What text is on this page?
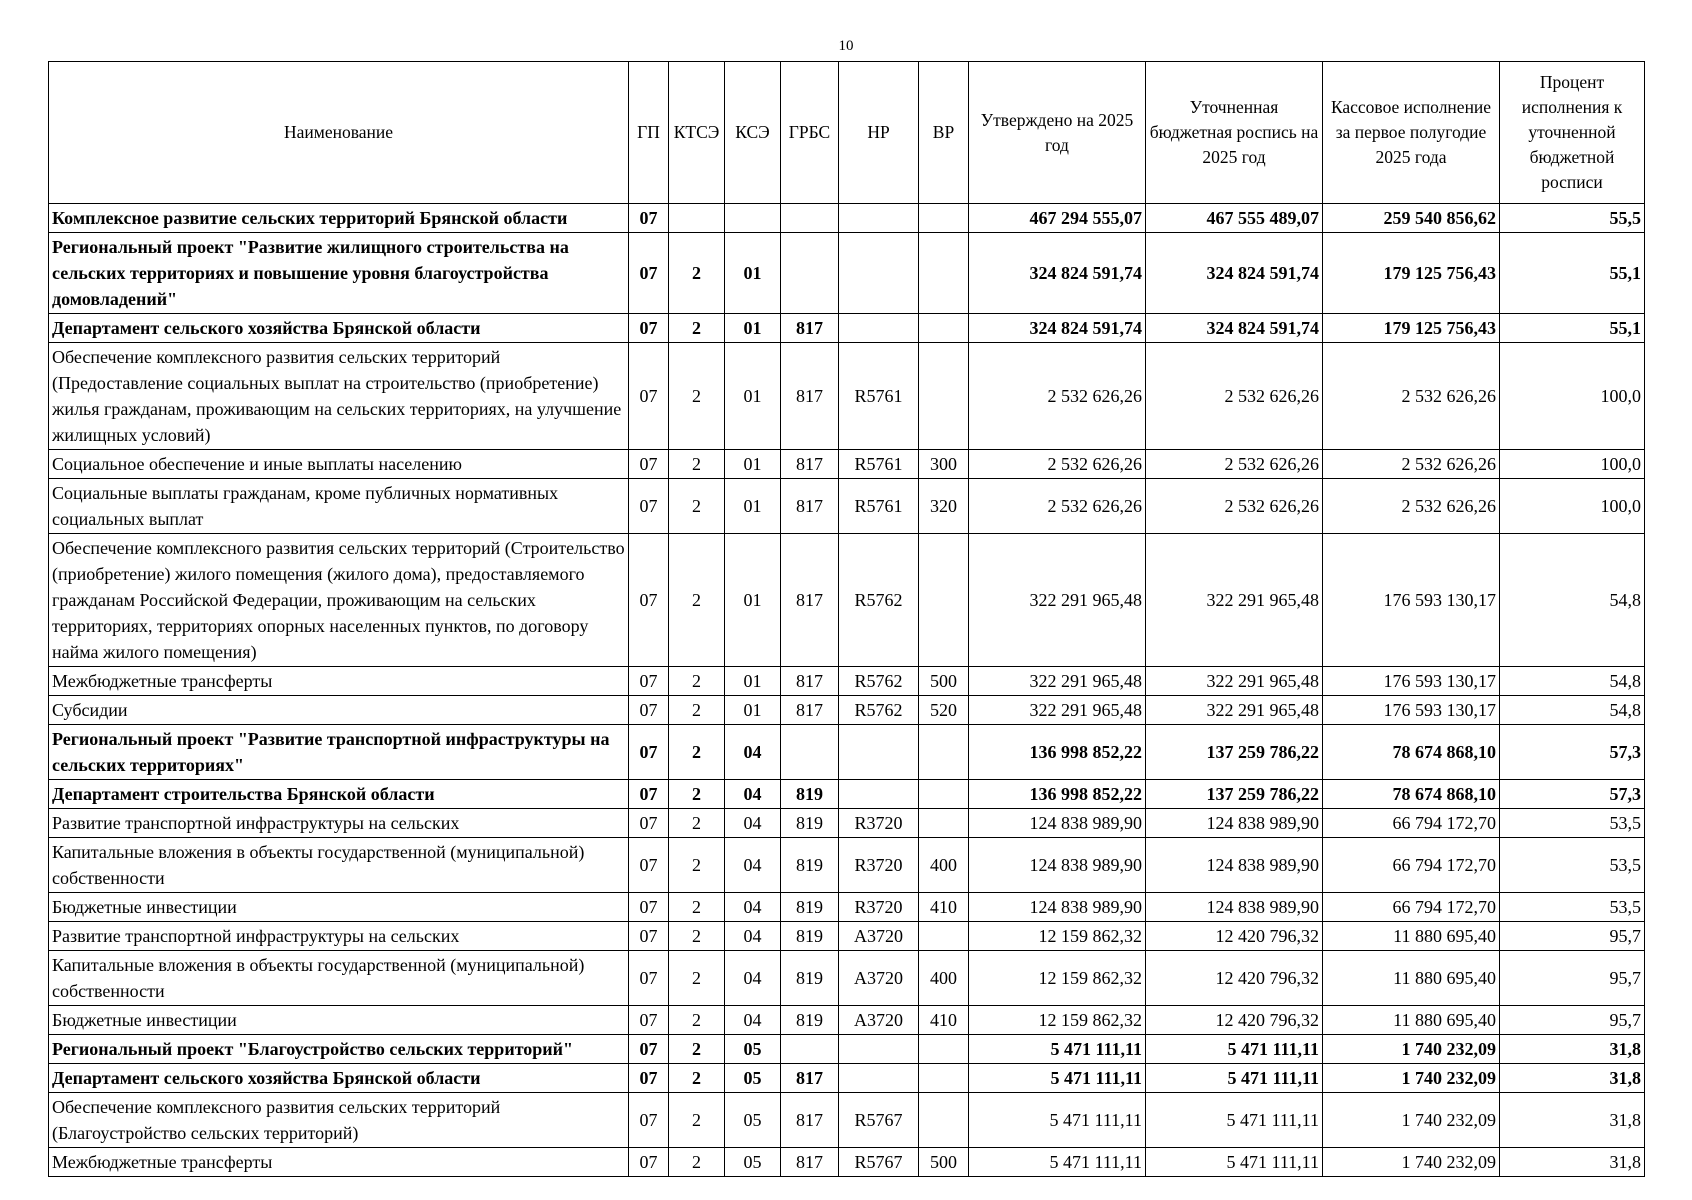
10
Наименование	ГП	КТСЭ	КСЭ	ГРБС	НР	ВР	Утверждено на 2025 год	Уточненная бюджетная роспись на 2025 год	Кассовое исполнение за первое полугодие 2025 года	Процент исполнения к уточненной бюджетной росписи
Комплексное развитие сельских территорий Брянской области	07						467 294 555,07	467 555 489,07	259 540 856,62	55,5
Региональный проект "Развитие жилищного строительства на сельских территориях и повышение уровня благоустройства домовладений"	07	2	01				324 824 591,74	324 824 591,74	179 125 756,43	55,1
Департамент сельского хозяйства Брянской области	07	2	01	817			324 824 591,74	324 824 591,74	179 125 756,43	55,1
Обеспечение комплексного развития сельских территорий (Предоставление социальных выплат на строительство (приобретение) жилья гражданам, проживающим на сельских территориях, на улучшение жилищных условий)	07	2	01	817	R5761		2 532 626,26	2 532 626,26	2 532 626,26	100,0
Социальное обеспечение и иные выплаты населению	07	2	01	817	R5761	300	2 532 626,26	2 532 626,26	2 532 626,26	100,0
Социальные выплаты гражданам, кроме публичных нормативных социальных выплат	07	2	01	817	R5761	320	2 532 626,26	2 532 626,26	2 532 626,26	100,0
Обеспечение комплексного развития сельских территорий (Строительство (приобретение) жилого помещения (жилого дома), предоставляемого гражданам Российской Федерации, проживающим на сельских территориях, территориях опорных населенных пунктов, по договору найма жилого помещения)	07	2	01	817	R5762		322 291 965,48	322 291 965,48	176 593 130,17	54,8
Межбюджетные трансферты	07	2	01	817	R5762	500	322 291 965,48	322 291 965,48	176 593 130,17	54,8
Субсидии	07	2	01	817	R5762	520	322 291 965,48	322 291 965,48	176 593 130,17	54,8
Региональный проект "Развитие транспортной инфраструктуры на сельских территориях"	07	2	04				136 998 852,22	137 259 786,22	78 674 868,10	57,3
Департамент строительства Брянской области	07	2	04	819			136 998 852,22	137 259 786,22	78 674 868,10	57,3
Развитие транспортной инфраструктуры на сельских	07	2	04	819	R3720		124 838 989,90	124 838 989,90	66 794 172,70	53,5
Капитальные вложения в объекты государственной (муниципальной) собственности	07	2	04	819	R3720	400	124 838 989,90	124 838 989,90	66 794 172,70	53,5
Бюджетные инвестиции	07	2	04	819	R3720	410	124 838 989,90	124 838 989,90	66 794 172,70	53,5
Развитие транспортной инфраструктуры на сельских	07	2	04	819	А3720		12 159 862,32	12 420 796,32	11 880 695,40	95,7
Капитальные вложения в объекты государственной (муниципальной) собственности	07	2	04	819	А3720	400	12 159 862,32	12 420 796,32	11 880 695,40	95,7
Бюджетные инвестиции	07	2	04	819	А3720	410	12 159 862,32	12 420 796,32	11 880 695,40	95,7
Региональный проект "Благоустройство сельских территорий"	07	2	05				5 471 111,11	5 471 111,11	1 740 232,09	31,8
Департамент сельского хозяйства Брянской области	07	2	05	817			5 471 111,11	5 471 111,11	1 740 232,09	31,8
Обеспечение комплексного развития сельских территорий (Благоустройство сельских территорий)	07	2	05	817	R5767		5 471 111,11	5 471 111,11	1 740 232,09	31,8
Межбюджетные трансферты	07	2	05	817	R5767	500	5 471 111,11	5 471 111,11	1 740 232,09	31,8
